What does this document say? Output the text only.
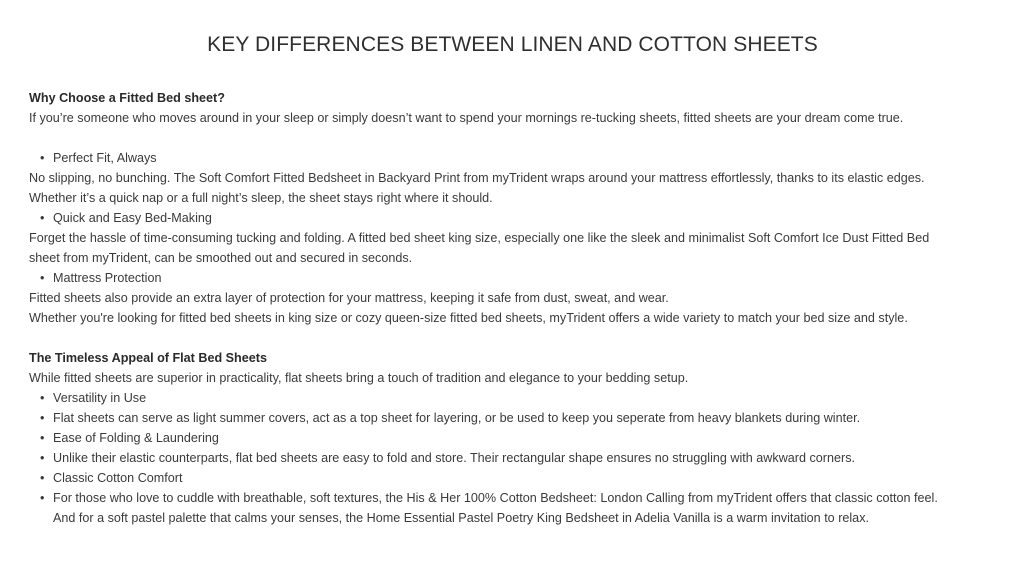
KEY DIFFERENCES BETWEEN LINEN AND COTTON SHEETS

Why Choose a Fitted Bed sheet?

If you’re someone who moves around in your sleep or simply doesn’t want to spend your mornings re-tucking sheets, fitted sheets are your dream come true.

• Perfect Fit, Always

No slipping, no bunching. The Soft Comfort Fitted Bedsheet in Backyard Print from myTrident wraps around your mattress effortlessly, thanks to its elastic edges.

Whether it’s a quick nap or a full night’s sleep, the sheet stays right where it should.

• Quick and Easy Bed-Making

Forget the hassle of time-consuming tucking and folding. A fitted bed sheet king size, especially one like the sleek and minimalist Soft Comfort Ice Dust Fitted Bed

sheet from myTrident, can be smoothed out and secured in seconds.

• Mattress Protection

Fitted sheets also provide an extra layer of protection for your mattress, keeping it safe from dust, sweat, and wear.

Whether you're looking for fitted bed sheets in king size or cozy queen-size fitted bed sheets, myTrident offers a wide variety to match your bed size and style.

The Timeless Appeal of Flat Bed Sheets

While fitted sheets are superior in practicality, flat sheets bring a touch of tradition and elegance to your bedding setup.

• Versatility in Use

• Flat sheets can serve as light summer covers, act as a top sheet for layering, or be used to keep you seperate from heavy blankets during winter.

• Ease of Folding & Laundering

• Unlike their elastic counterparts, flat bed sheets are easy to fold and store. Their rectangular shape ensures no struggling with awkward corners.

• Classic Cotton Comfort

• For those who love to cuddle with breathable, soft textures, the His & Her 100% Cotton Bedsheet: London Calling from myTrident offers that classic cotton feel.

And for a soft pastel palette that calms your senses, the Home Essential Pastel Poetry King Bedsheet in Adelia Vanilla is a warm invitation to relax.
